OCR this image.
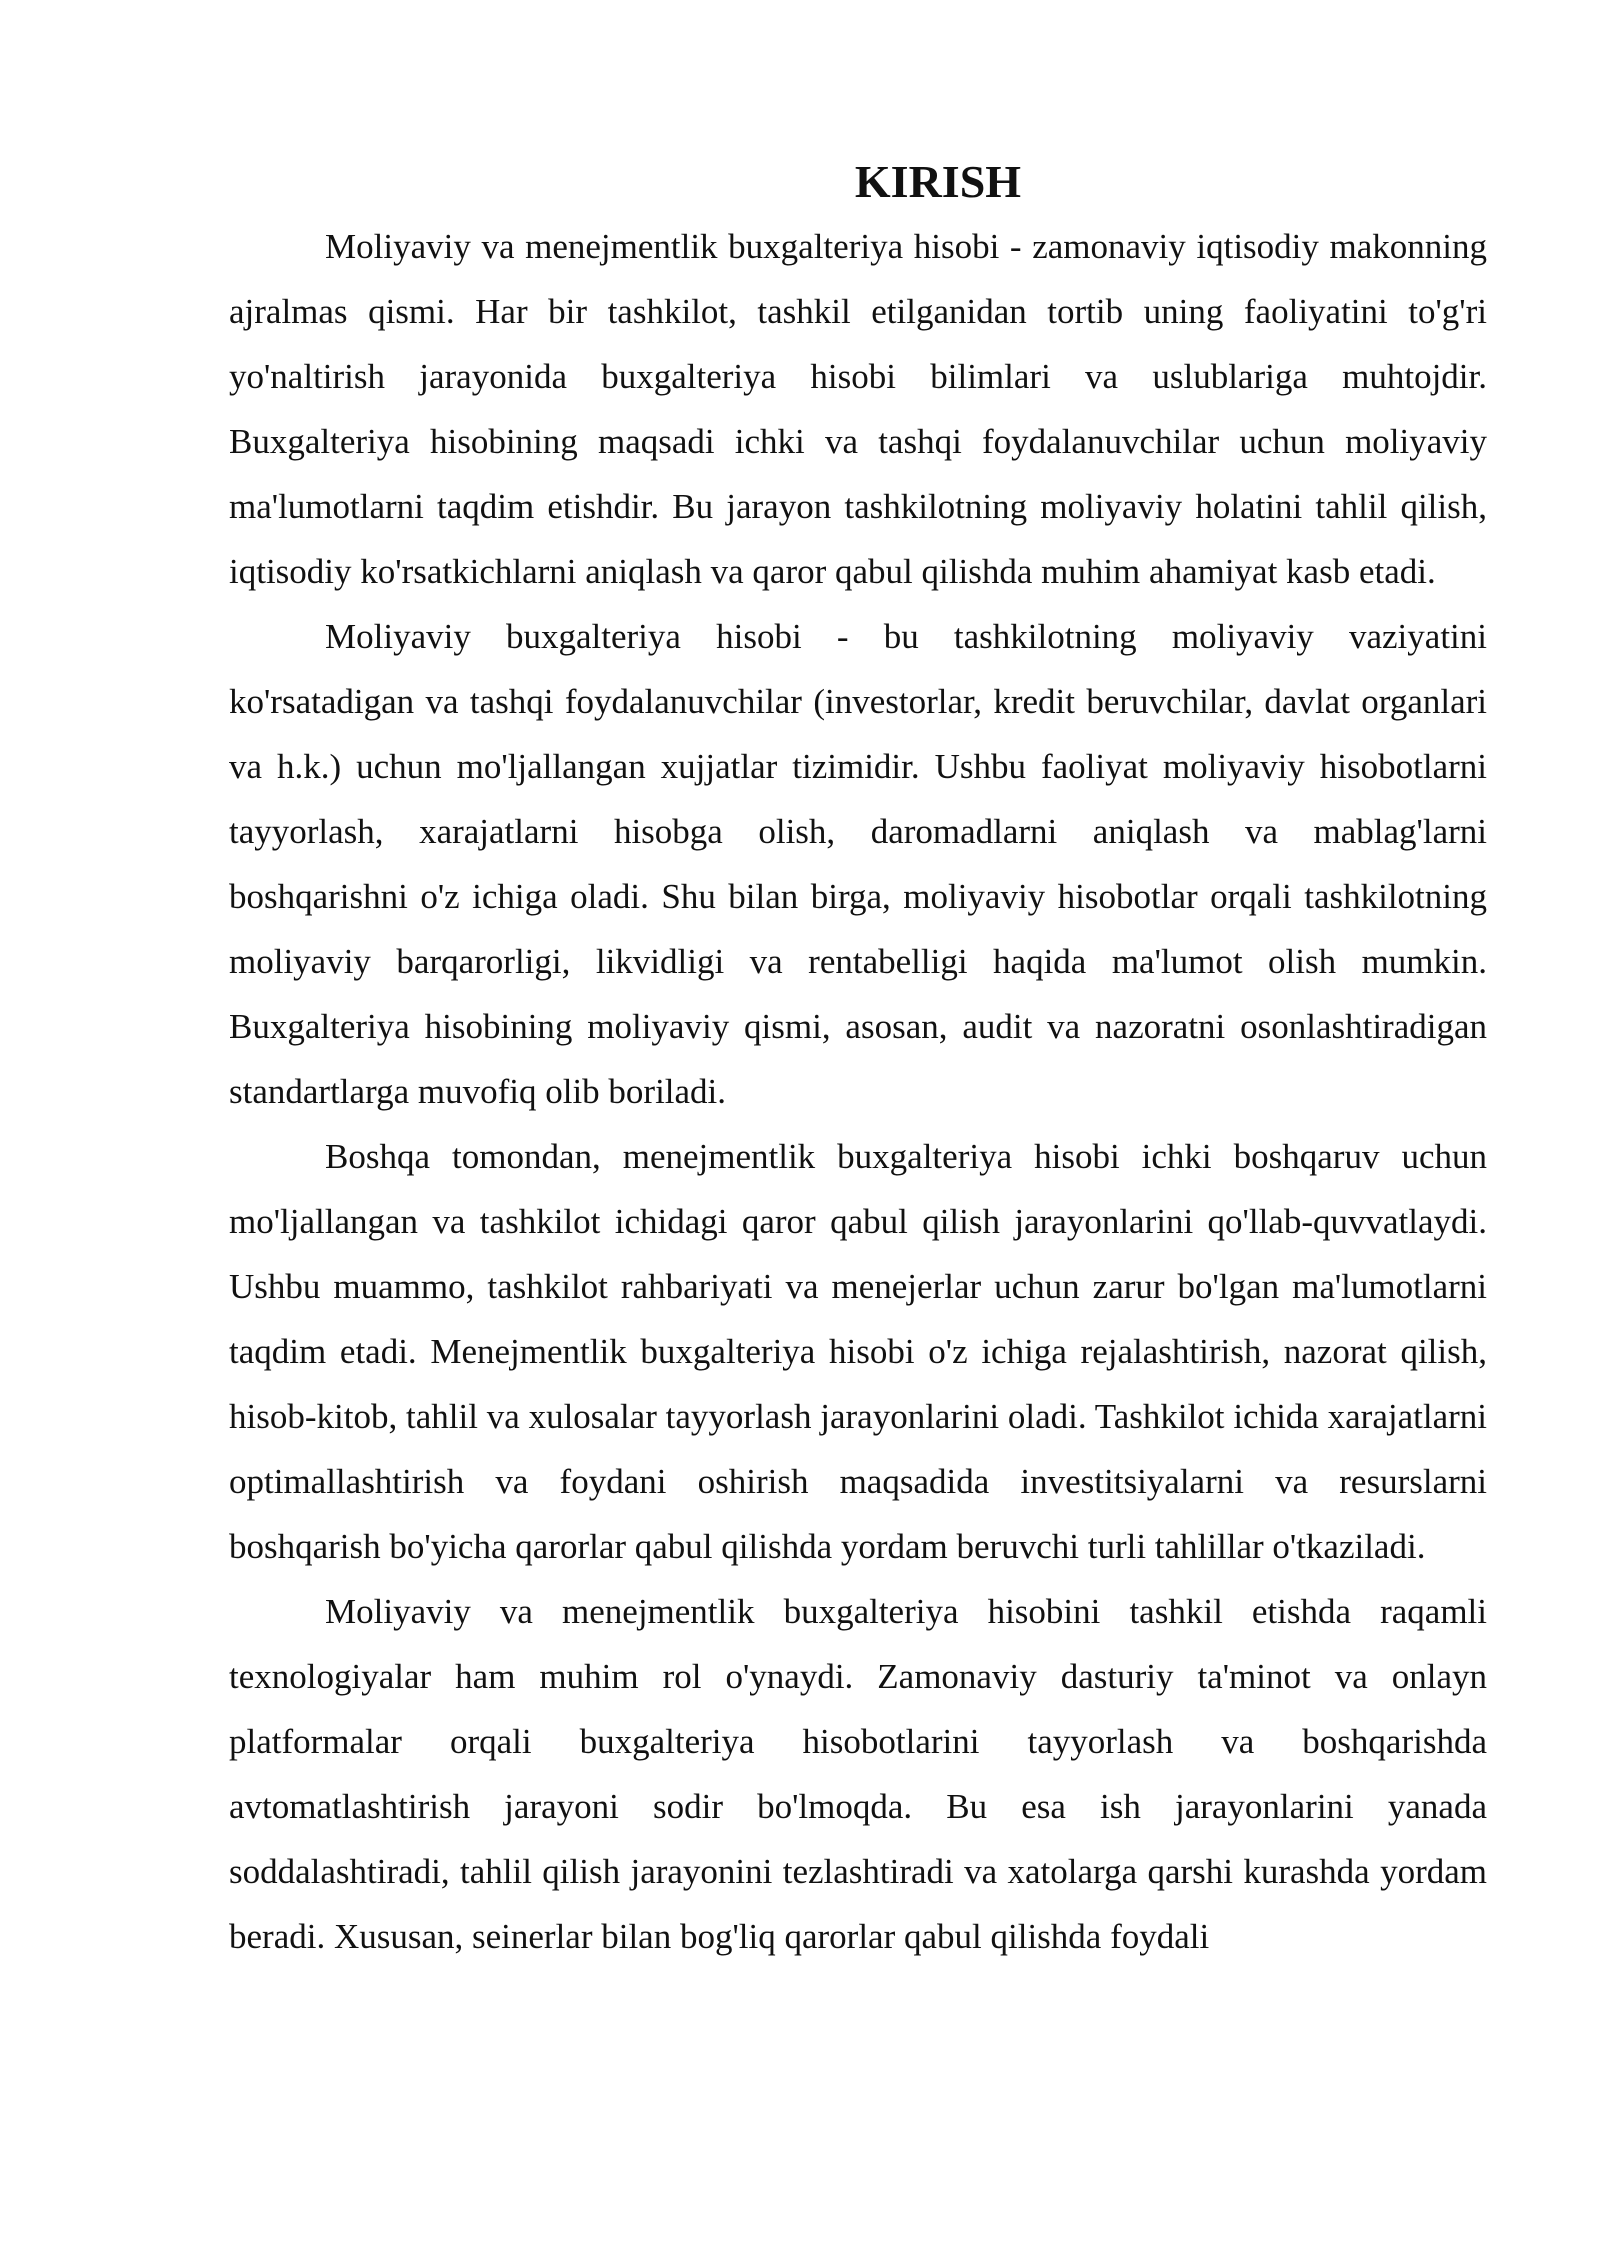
KIRISH

Moliyaviy va menejmentlik buxgalteriya hisobi - zamonaviy iqtisodiy makonning ajralmas qismi. Har bir tashkilot, tashkil etilganidan tortib uning faoliyatini to'g'ri yo'naltirish jarayonida buxgalteriya hisobi bilimlari va uslublariga muhtojdir. Buxgalteriya hisobining maqsadi ichki va tashqi foydalanuvchilar uchun moliyaviy ma'lumotlarni taqdim etishdir. Bu jarayon tashkilotning moliyaviy holatini tahlil qilish, iqtisodiy ko'rsatkichlarni aniqlash va qaror qabul qilishda muhim ahamiyat kasb etadi.

Moliyaviy buxgalteriya hisobi - bu tashkilotning moliyaviy vaziyatini ko'rsatadigan va tashqi foydalanuvchilar (investorlar, kredit beruvchilar, davlat organlari va h.k.) uchun mo'ljallangan xujjatlar tizimidir. Ushbu faoliyat moliyaviy hisobotlarni tayyorlash, xarajatlarni hisobga olish, daromadlarni aniqlash va mablag'larni boshqarishni o'z ichiga oladi. Shu bilan birga, moliyaviy hisobotlar orqali tashkilotning moliyaviy barqarorligi, likvidligi va rentabelligi haqida ma'lumot olish mumkin. Buxgalteriya hisobining moliyaviy qismi, asosan, audit va nazoratni osonlashtiradigan standartlarga muvofiq olib boriladi.

Boshqa tomondan, menejmentlik buxgalteriya hisobi ichki boshqaruv uchun mo'ljallangan va tashkilot ichidagi qaror qabul qilish jarayonlarini qo'llab-quvvatlaydi. Ushbu muammo, tashkilot rahbariyati va menejerlar uchun zarur bo'lgan ma'lumotlarni taqdim etadi. Menejmentlik buxgalteriya hisobi o'z ichiga rejalashtirish, nazorat qilish, hisob-kitob, tahlil va xulosalar tayyorlash jarayonlarini oladi. Tashkilot ichida xarajatlarni optimallashtirish va foydani oshirish maqsadida investitsiyalarni va resurslarni boshqarish bo'yicha qarorlar qabul qilishda yordam beruvchi turli tahlillar o'tkaziladi.

Moliyaviy va menejmentlik buxgalteriya hisobini tashkil etishda raqamli texnologiyalar ham muhim rol o'ynaydi. Zamonaviy dasturiy ta'minot va onlayn platformalar orqali buxgalteriya hisobotlarini tayyorlash va boshqarishda avtomatlashtirish jarayoni sodir bo'lmoqda. Bu esa ish jarayonlarini yanada soddalashtiradi, tahlil qilish jarayonini tezlashtiradi va xatolarga qarshi kurashda yordam beradi. Xususan, seinerlar bilan bog'liq qarorlar qabul qilishda foydali
